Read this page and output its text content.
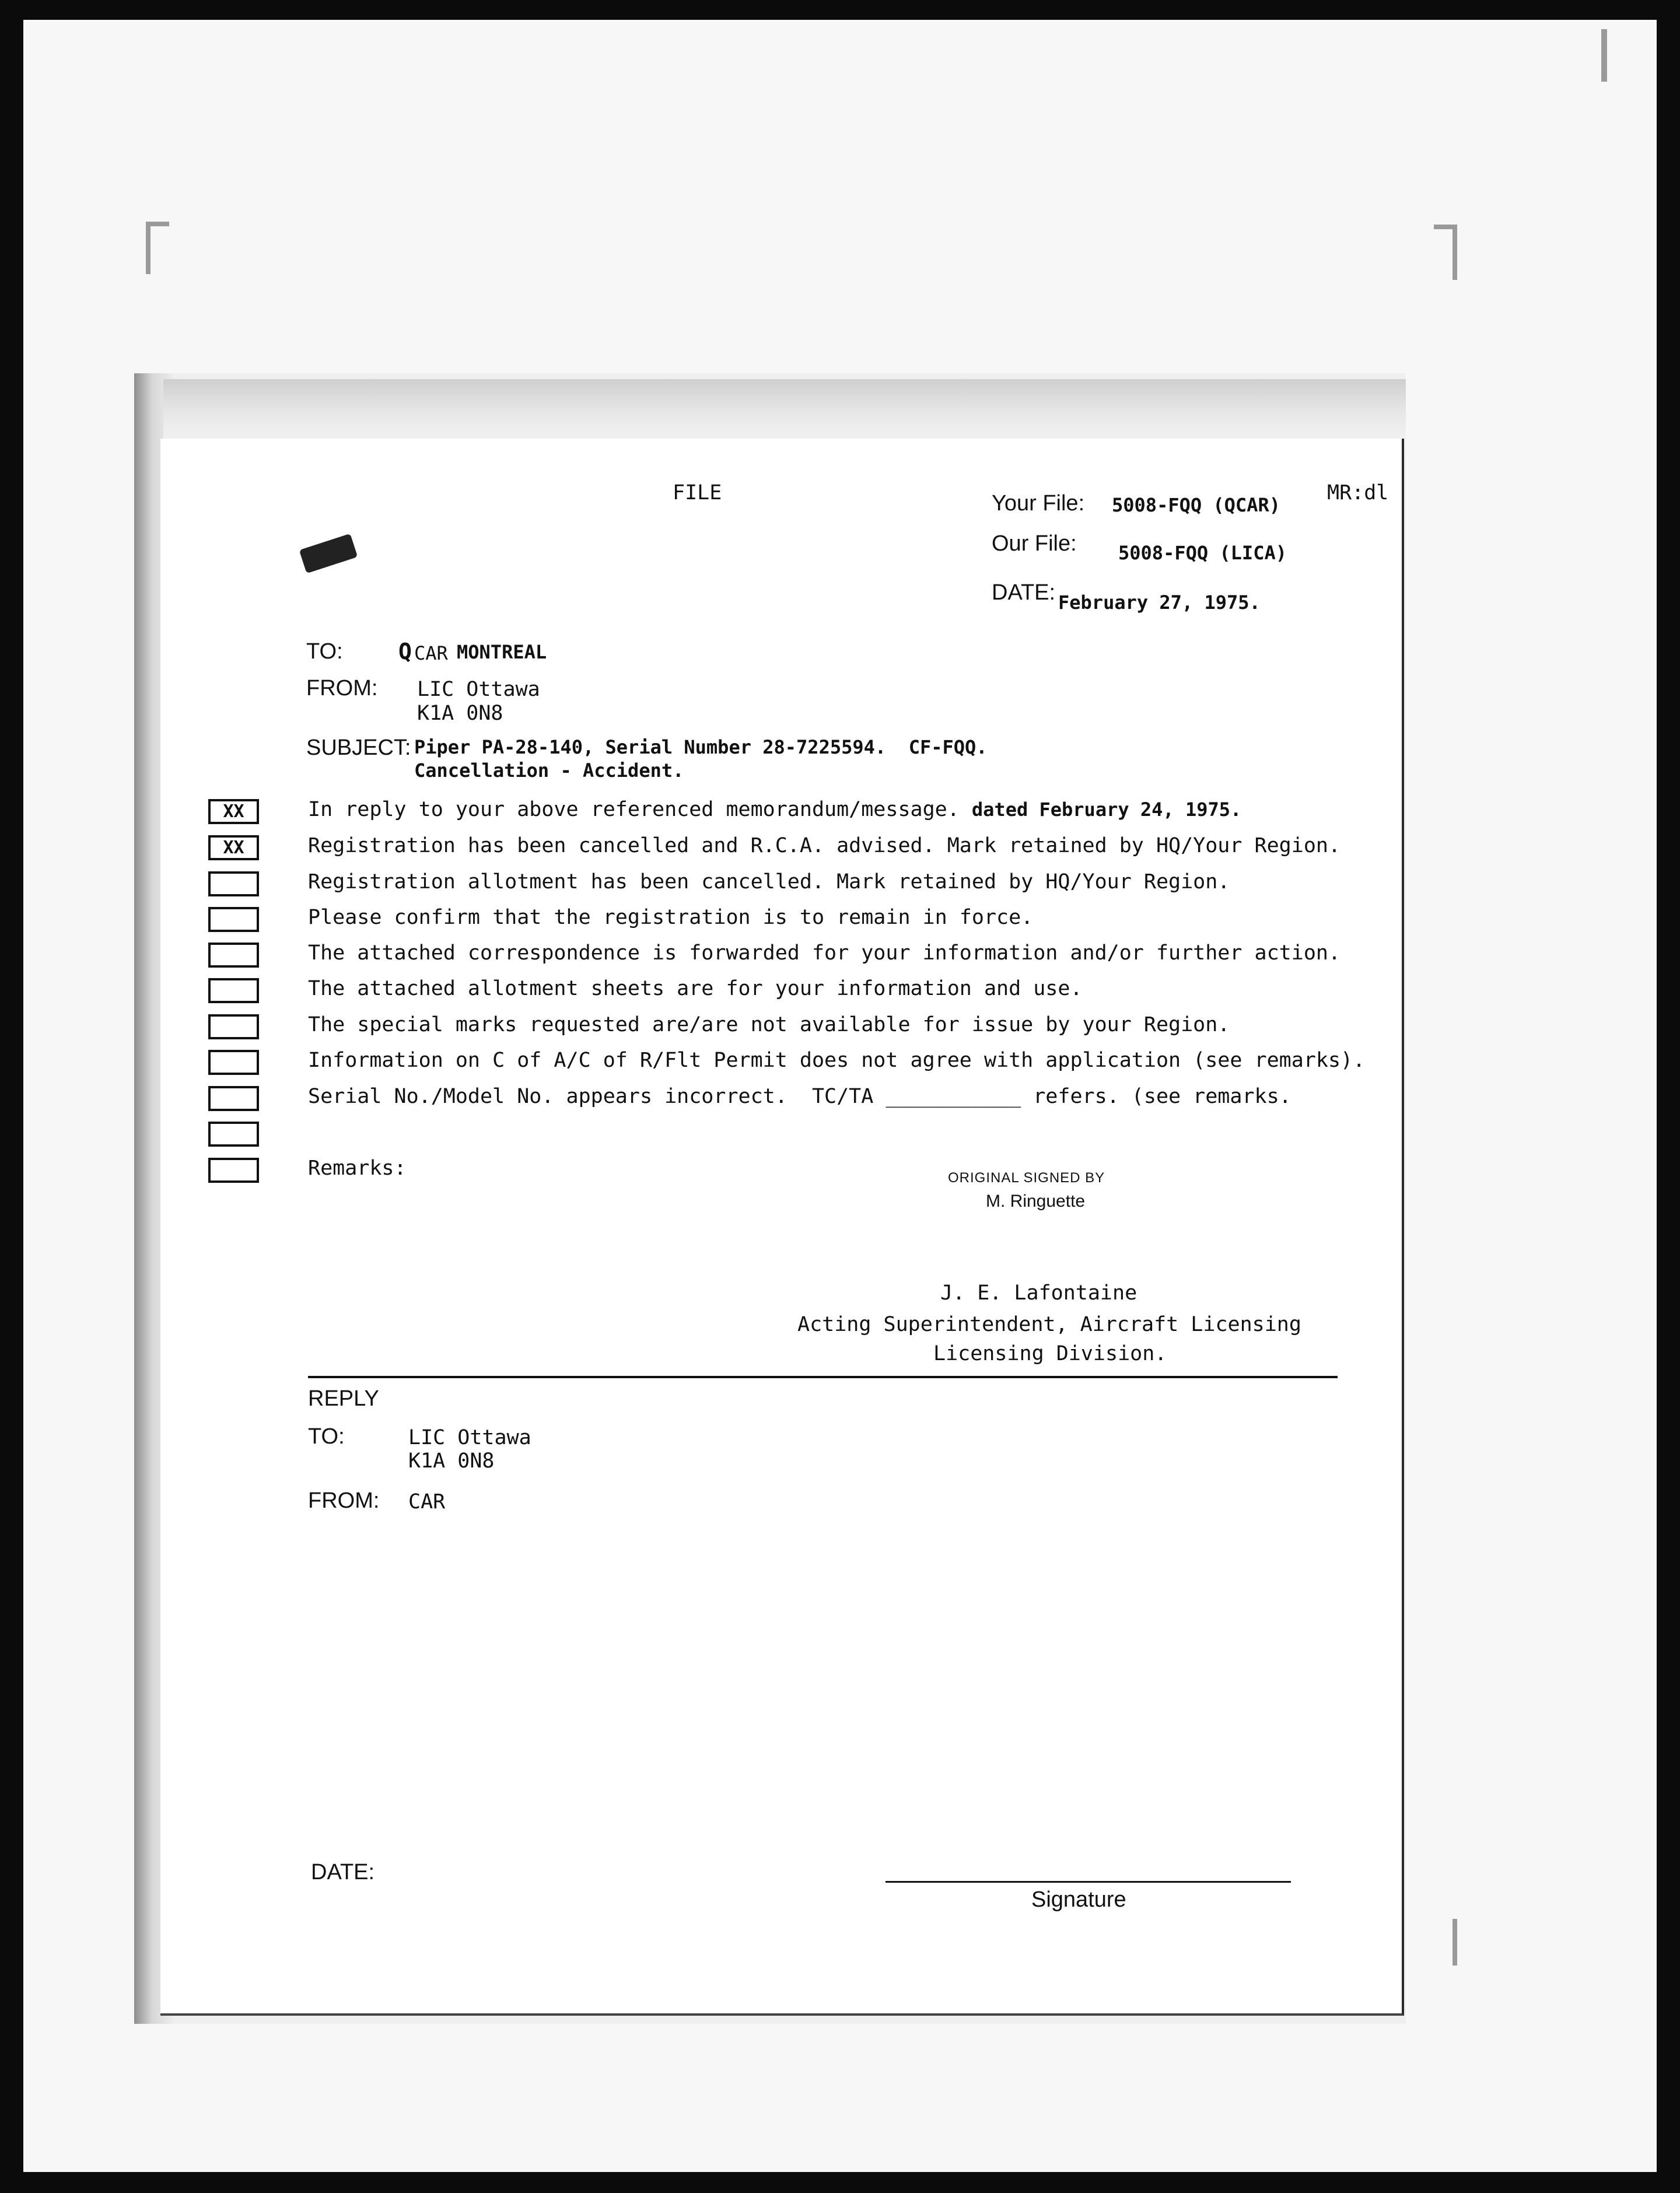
FILE	Your File: 5008-FQQ (QCAR)
MR:dl
Our File: 5008-FQQ (LICA)
DATE: February 27, 1975.
TO:	Q CAR MONTREAL
FROM: LIC Ottawa
K1A 0N8
SUBJECT: Piper PA-28-140, Serial Number 28-7225594.  CF-FQQ.
Cancellation - Accident.
XX	In reply to your above referenced memorandum/message. dated February 24, 1975.
XX	Registration has been cancelled and R.C.A. advised. Mark retained by HQ/Your Region.
Registration allotment has been cancelled. Mark retained by HQ/Your Region.
Please confirm that the registration is to remain in force.
The attached correspondence is forwarded for your information and/or further action.
The attached allotment sheets are for your information and use.
The special marks requested are/are not available for issue by your Region.
Information on C of A/C of R/Flt Permit does not agree with application (see remarks).
Serial No./Model No. appears incorrect.  TC/TA ___________ refers. (see remarks.
Remarks:	ORIGINAL SIGNED BY
M. Ringuette
J. E. Lafontaine
Acting Superintendent, Aircraft Licensing
Licensing Division.
REPLY
TO:	LIC Ottawa
K1A 0N8
FROM: CAR
DATE:
Signature
